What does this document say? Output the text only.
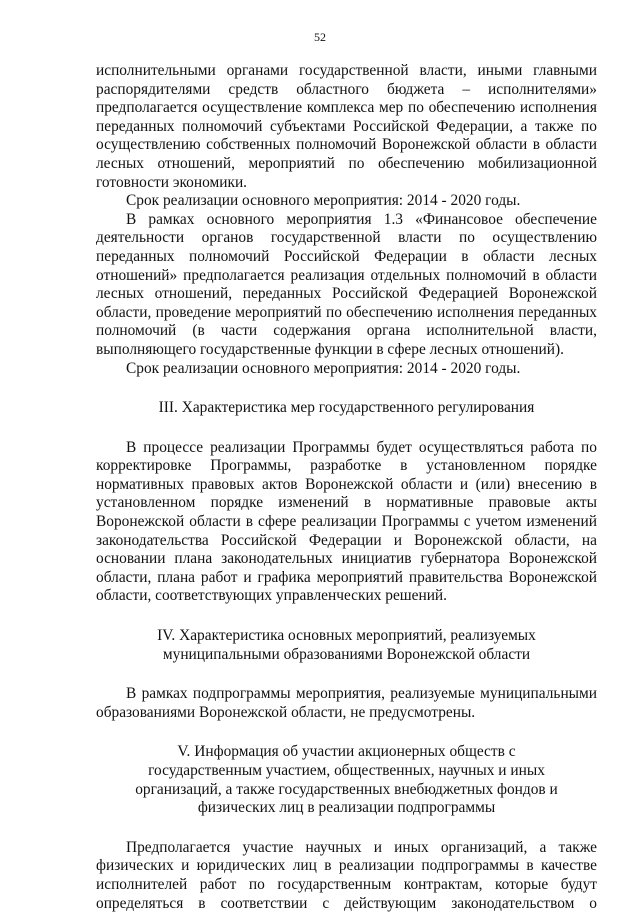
52
исполнительными органами государственной власти, иными главными
распорядителями средств областного бюджета – исполнителями»
предполагается осуществление комплекса мер по обеспечению исполнения
переданных полномочий субъектами Российской Федерации, а также по
осуществлению собственных полномочий Воронежской области в области
лесных отношений, мероприятий по обеспечению мобилизационной
готовности экономики.
Срок реализации основного мероприятия: 2014 - 2020 годы.
В рамках основного мероприятия 1.3 «Финансовое обеспечение
деятельности органов государственной власти по осуществлению
переданных полномочий Российской Федерации в области лесных
отношений» предполагается реализация отдельных полномочий в области
лесных отношений, переданных Российской Федерацией Воронежской
области, проведение мероприятий по обеспечению исполнения переданных
полномочий (в части содержания органа исполнительной власти,
выполняющего государственные функции в сфере лесных отношений).
Срок реализации основного мероприятия: 2014 - 2020 годы.
III. Характеристика мер государственного регулирования
В процессе реализации Программы будет осуществляться работа по
корректировке Программы, разработке в установленном порядке
нормативных правовых актов Воронежской области и (или) внесению в
установленном порядке изменений в нормативные правовые акты
Воронежской области в сфере реализации Программы с учетом изменений
законодательства Российской Федерации и Воронежской области, на
основании плана законодательных инициатив губернатора Воронежской
области, плана работ и графика мероприятий правительства Воронежской
области, соответствующих управленческих решений.
IV. Характеристика основных мероприятий, реализуемых
муниципальными образованиями Воронежской области
В рамках подпрограммы мероприятия, реализуемые муниципальными
образованиями Воронежской области, не предусмотрены.
V. Информация об участии акционерных обществ с
государственным участием, общественных, научных и иных
организаций, а также государственных внебюджетных фондов и
физических лиц в реализации подпрограммы
Предполагается участие научных и иных организаций, а также
физических и юридических лиц в реализации подпрограммы в качестве
исполнителей работ по государственным контрактам, которые будут
определяться в соответствии с действующим законодательством о
